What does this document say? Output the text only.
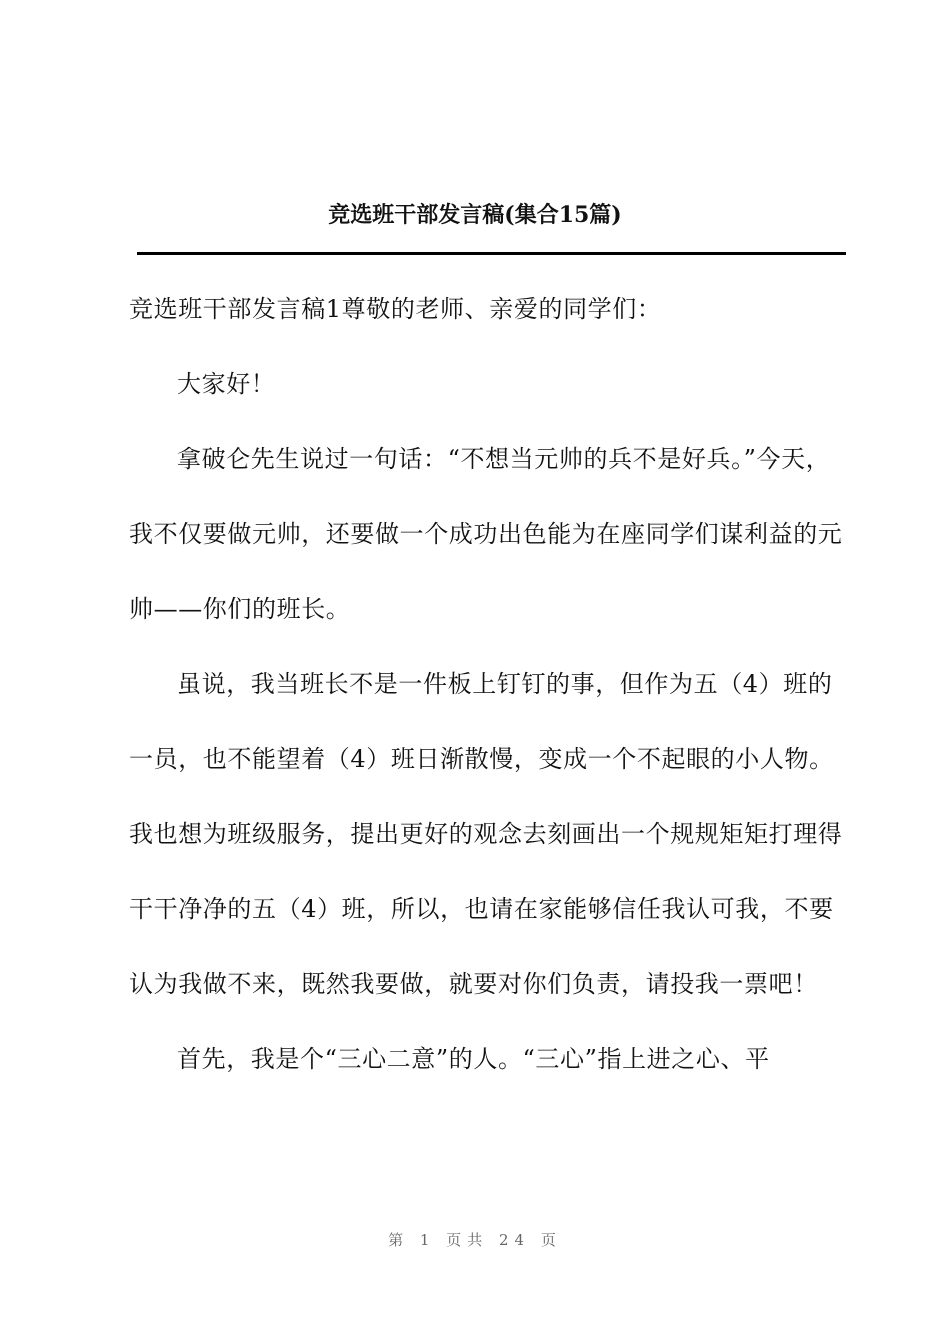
竞选班干部发言稿(集合15篇)

竞选班干部发言稿1尊敬的老师、亲爱的同学们：

大家好！

拿破仑先生说过一句话：“不想当元帅的兵不是好兵。”今天，我不仅要做元帅，还要做一个成功出色能为在座同学们谋利益的元帅——你们的班长。

虽说，我当班长不是一件板上钉钉的事，但作为五（4）班的一员，也不能望着（4）班日渐散慢，变成一个不起眼的小人物。我也想为班级服务，提出更好的观念去刻画出一个规规矩矩打理得干干净净的五（4）班，所以，也请在家能够信任我认可我，不要认为我做不来，既然我要做，就要对你们负责，请投我一票吧！

首先，我是个“三心二意”的人。“三心”指上进之心、平

第 1 页共 24 页
